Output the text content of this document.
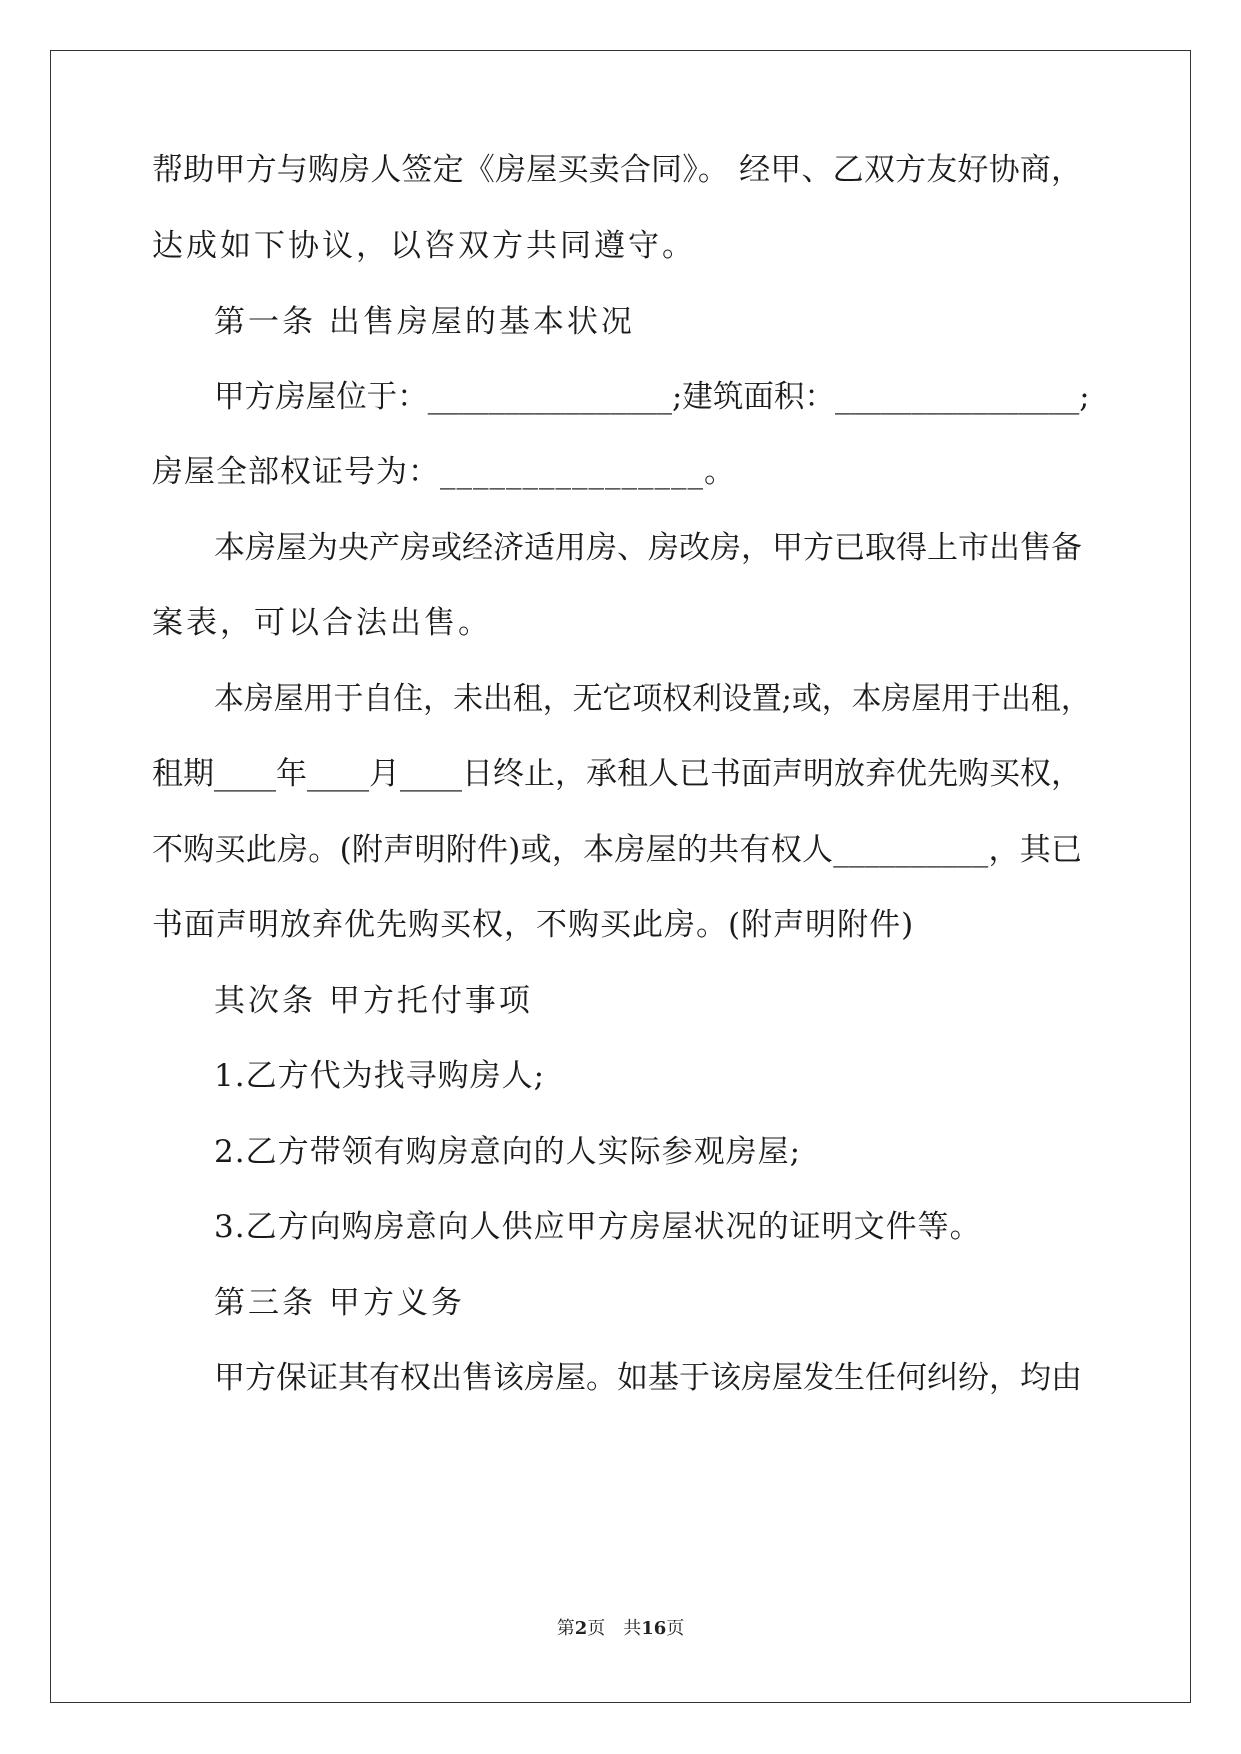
帮助甲方与购房人签定《房屋买卖合同》。 经甲、乙双方友好协商，
达成如下协议，以咨双方共同遵守。
第一条 出售房屋的基本状况
甲方房屋位于：________________;建筑面积：________________;
房屋全部权证号为：________________。
本房屋为央产房或经济适用房、房改房，甲方已取得上市出售备
案表，可以合法出售。
本房屋用于自住，未出租，无它项权利设置;或，本房屋用于出租，
租期____年____月____日终止，承租人已书面声明放弃优先购买权，
不购买此房。(附声明附件)或，本房屋的共有权人__________，其已
书面声明放弃优先购买权，不购买此房。(附声明附件)
其次条 甲方托付事项
1.乙方代为找寻购房人;
2.乙方带领有购房意向的人实际参观房屋;
3.乙方向购房意向人供应甲方房屋状况的证明文件等。
第三条 甲方义务
甲方保证其有权出售该房屋。如基于该房屋发生任何纠纷，均由
第2页　共16页
